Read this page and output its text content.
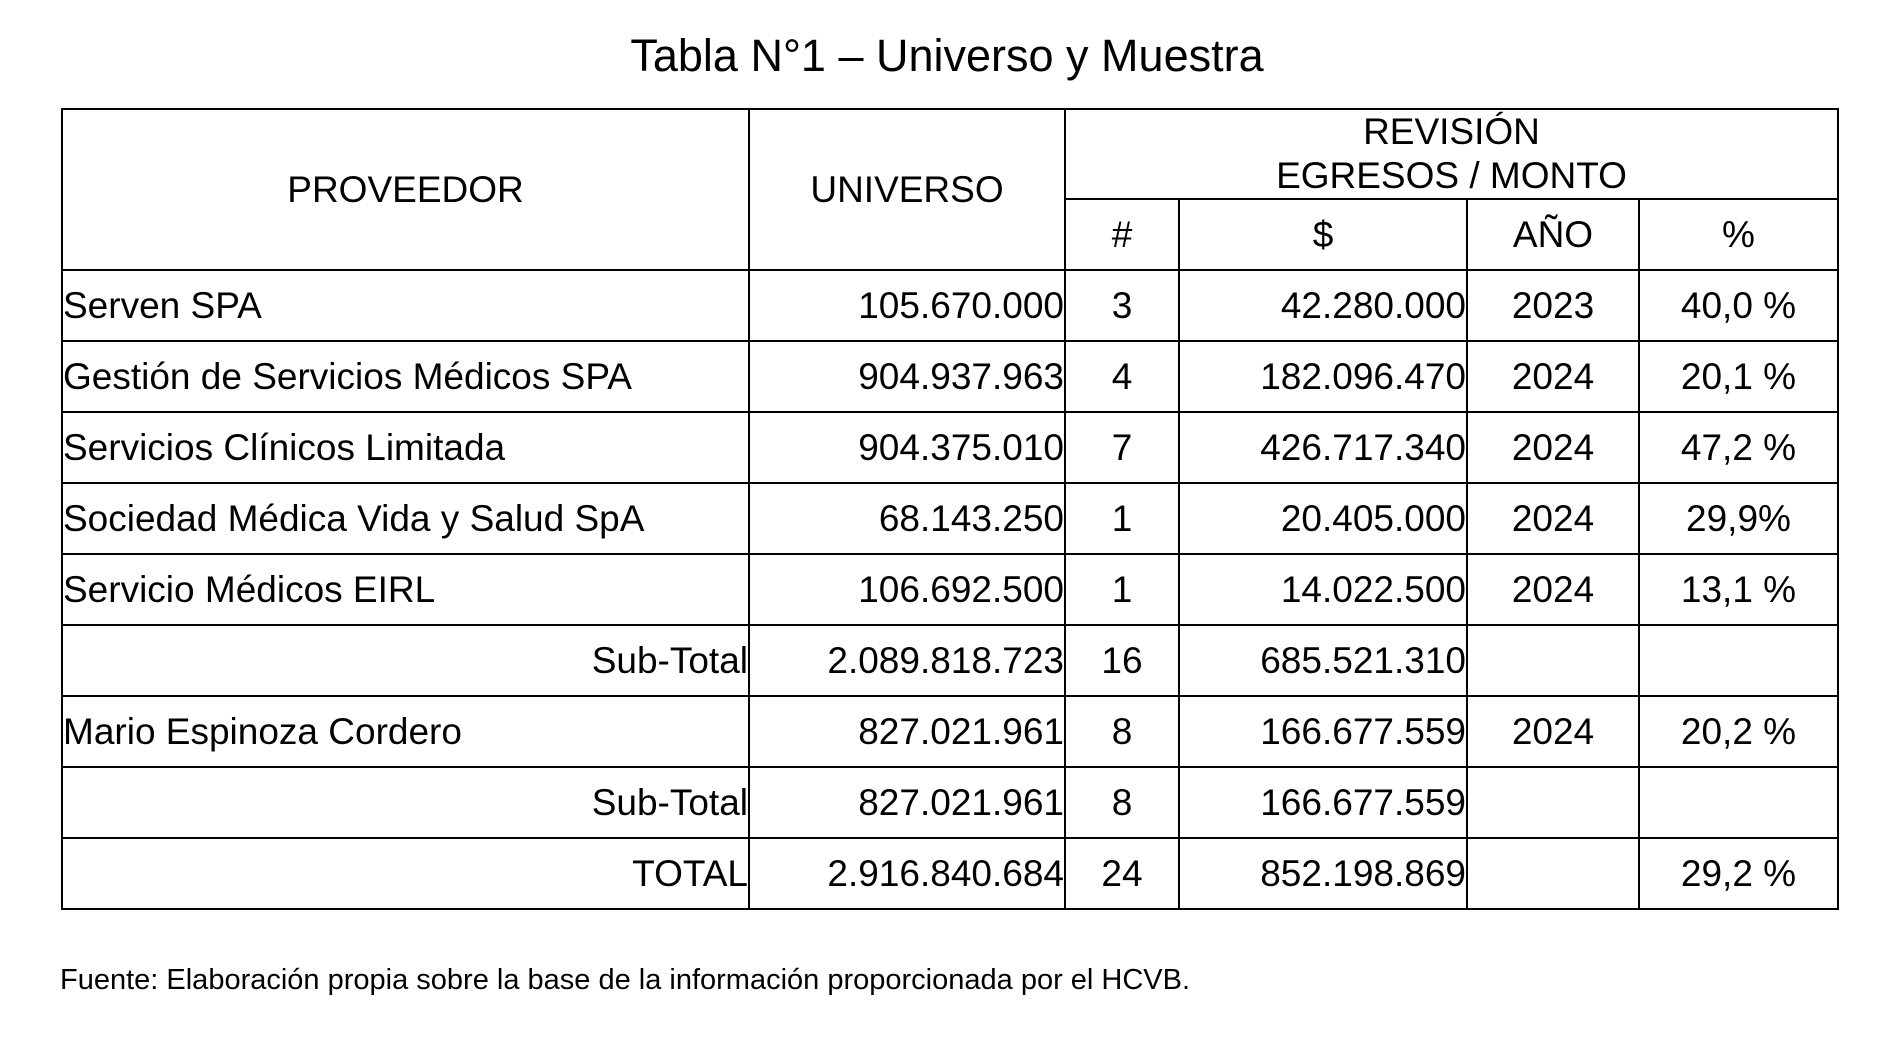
Tabla N°1 – Universo y Muestra
PROVEEDOR	UNIVERSO	REVISIÓN
EGRESOS / MONTO			
		#	$	AÑO	%
Serven SPA	105.670.000	3	42.280.000	2023	40,0 %
Gestión de Servicios Médicos SPA	904.937.963	4	182.096.470	2024	20,1 %
Servicios Clínicos Limitada	904.375.010	7	426.717.340	2024	47,2 %
Sociedad Médica Vida y Salud SpA	68.143.250	1	20.405.000	2024	29,9%
Servicio Médicos EIRL	106.692.500	1	14.022.500	2024	13,1 %
Sub-Total	2.089.818.723	16	685.521.310		
Mario Espinoza Cordero	827.021.961	8	166.677.559	2024	20,2 %
Sub-Total	827.021.961	8	166.677.559		
TOTAL	2.916.840.684	24	852.198.869		29,2 %
Fuente: Elaboración propia sobre la base de la información proporcionada por el HCVB.
